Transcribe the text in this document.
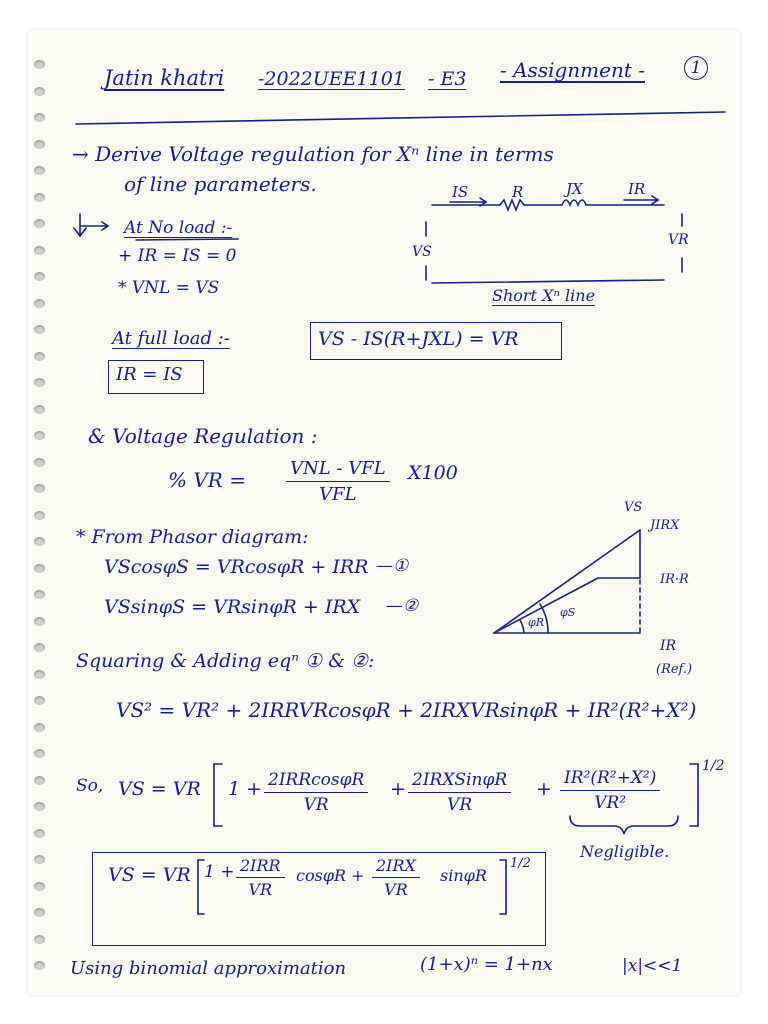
Jatin khatri -2022UEE1101 - E3 - Assignment -	1
→ Derive Voltage regulation for Xⁿ line in terms
of line parameters.
At No load :-
+ IR = IS = 0
* VNL = VS
IS	R	JX	IR
VS
VR
Short Xⁿ line
At full load :-	VS - IS(R+JXL) = VR
IR = IS
& Voltage Regulation :
% VR = VNL - VFL
VFL
X100
* From Phasor diagram:
VScosφS = VRcosφR + IRR —①
VSsinφS = VRsinφR + IRX —②
VS
JIRX
IR·R
IR
(Ref.)
φR
φS
Squaring & Adding eqⁿ ① & ②:
VS² = VR² + 2IRRVRcosφR + 2IRXVRsinφR + IR²(R²+X²)
So, VS = VR 1 + 2IRRcosφR
VR
+ 2IRXSinφR
VR
+ $\frac{\text{IR²(R²+X²)}}{\text{VR²}}$
1/2
Negligible.
VS = VR 1 + 2IRR
VR
cosφR +
2IRX
VR
sinφR
1/2
Using binomial approximation	(1+x)ⁿ = 1+nx	|x|<<1
